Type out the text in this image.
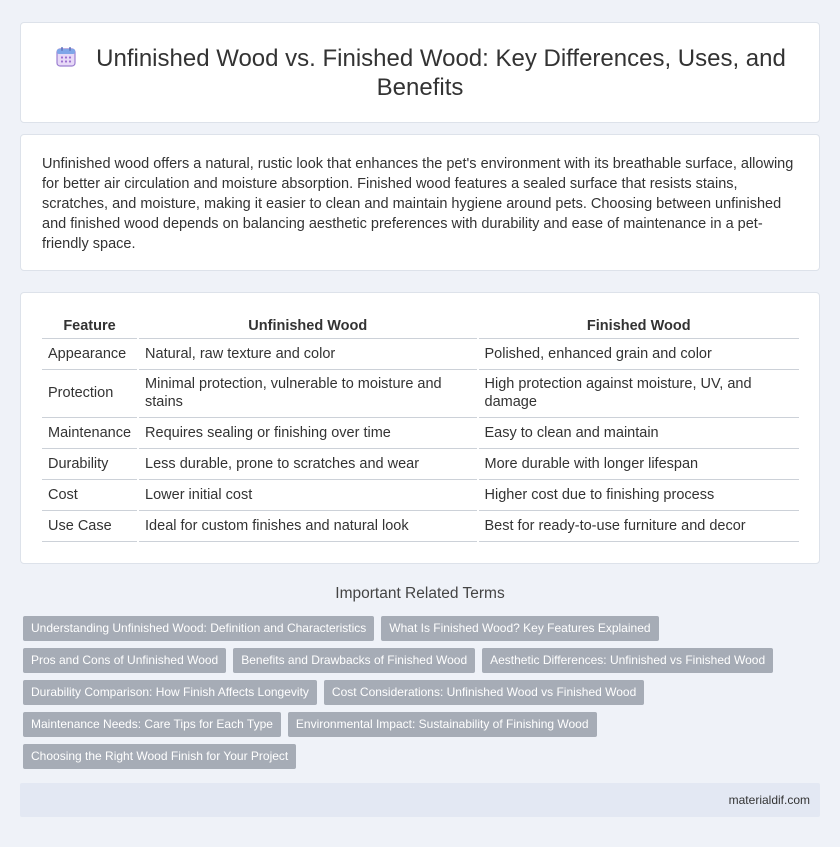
Unfinished Wood vs. Finished Wood: Key Differences, Uses, and Benefits

Unfinished wood offers a natural, rustic look that enhances the pet's environment with its breathable surface, allowing for better air circulation and moisture absorption. Finished wood features a sealed surface that resists stains, scratches, and moisture, making it easier to clean and maintain hygiene around pets. Choosing between unfinished and finished wood depends on balancing aesthetic preferences with durability and ease of maintenance in a pet-friendly space.

Feature	Unfinished Wood	Finished Wood
Appearance	Natural, raw texture and color	Polished, enhanced grain and color
Protection	Minimal protection, vulnerable to moisture and stains	High protection against moisture, UV, and damage
Maintenance	Requires sealing or finishing over time	Easy to clean and maintain
Durability	Less durable, prone to scratches and wear	More durable with longer lifespan
Cost	Lower initial cost	Higher cost due to finishing process
Use Case	Ideal for custom finishes and natural look	Best for ready-to-use furniture and decor
Important Related Terms
Understanding Unfinished Wood: Definition and Characteristics	What Is Finished Wood? Key Features Explained
Pros and Cons of Unfinished Wood	Benefits and Drawbacks of Finished Wood	Aesthetic Differences: Unfinished vs Finished Wood
Durability Comparison: How Finish Affects Longevity	Cost Considerations: Unfinished Wood vs Finished Wood
Maintenance Needs: Care Tips for Each Type	Environmental Impact: Sustainability of Finishing Wood
Choosing the Right Wood Finish for Your Project
materialdif.com
